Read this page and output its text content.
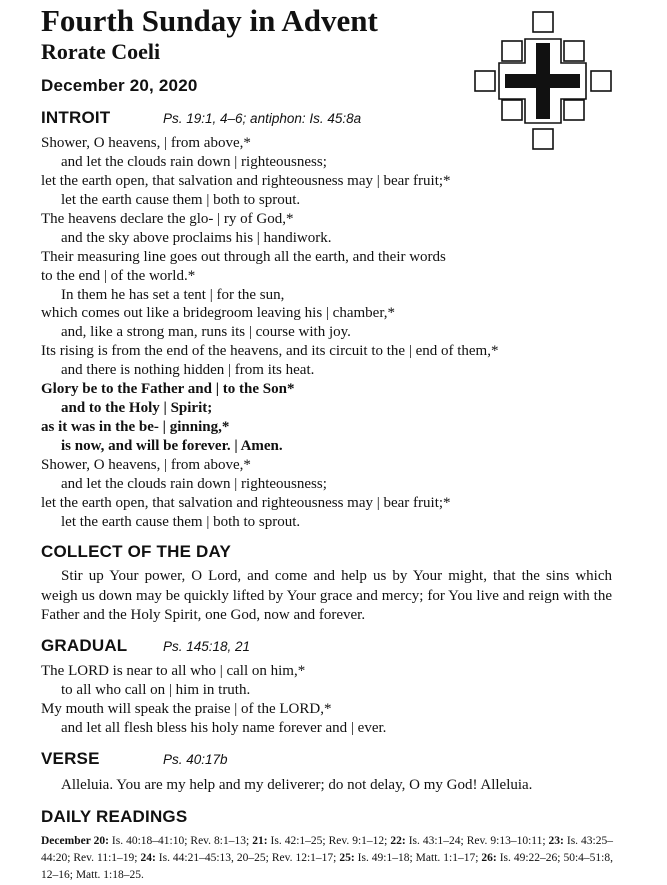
Fourth Sunday in Advent
Rorate Coeli
December 20, 2020
INTROIT	Ps. 19:1, 4–6; antiphon: Is. 45:8a
Shower, O heavens, | from above,*
and let the clouds rain down | righteousness;
let the earth open, that salvation and righteousness may | bear fruit;*
let the earth cause them | both to sprout.
The heavens declare the glo- | ry of God,*
and the sky above proclaims his | handiwork.
Their measuring line goes out through all the earth, and their words
to the end | of the world.*
In them he has set a tent | for the sun,
which comes out like a bridegroom leaving his | chamber,*
and, like a strong man, runs its | course with joy.
Its rising is from the end of the heavens, and its circuit to the | end of them,*
and there is nothing hidden | from its heat.
Glory be to the Father and | to the Son*
and to the Holy | Spirit;
as it was in the be- | ginning,*
is now, and will be forever. | Amen.
Shower, O heavens, | from above,*
and let the clouds rain down | righteousness;
let the earth open, that salvation and righteousness may | bear fruit;*
let the earth cause them | both to sprout.
COLLECT OF THE DAY

Stir up Your power, O Lord, and come and help us by Your might, that the sins which weigh us down may be quickly lifted by Your grace and mercy; for You live and reign with the Father and the Holy Spirit, one God, now and forever.

GRADUAL	Ps. 145:18, 21
The LORD is near to all who | call on him,*
to all who call on | him in truth.
My mouth will speak the praise | of the LORD,*
and let all flesh bless his holy name forever and | ever.
VERSE	Ps. 40:17b
Alleluia. You are my help and my deliverer; do not delay, O my God! Alleluia.
DAILY READINGS
December 20: Is. 40:18–41:10; Rev. 8:1–13; 21: Is. 42:1–25; Rev. 9:1–12; 22: Is. 43:1–24; Rev. 9:13–10:11; 23: Is. 43:25–44:20; Rev. 11:1–19; 24: Is. 44:21–45:13, 20–25; Rev. 12:1–17; 25: Is. 49:1–18; Matt. 1:1–17; 26: Is. 49:22–26; 50:4–51:8, 12–16; Matt. 1:18–25.
